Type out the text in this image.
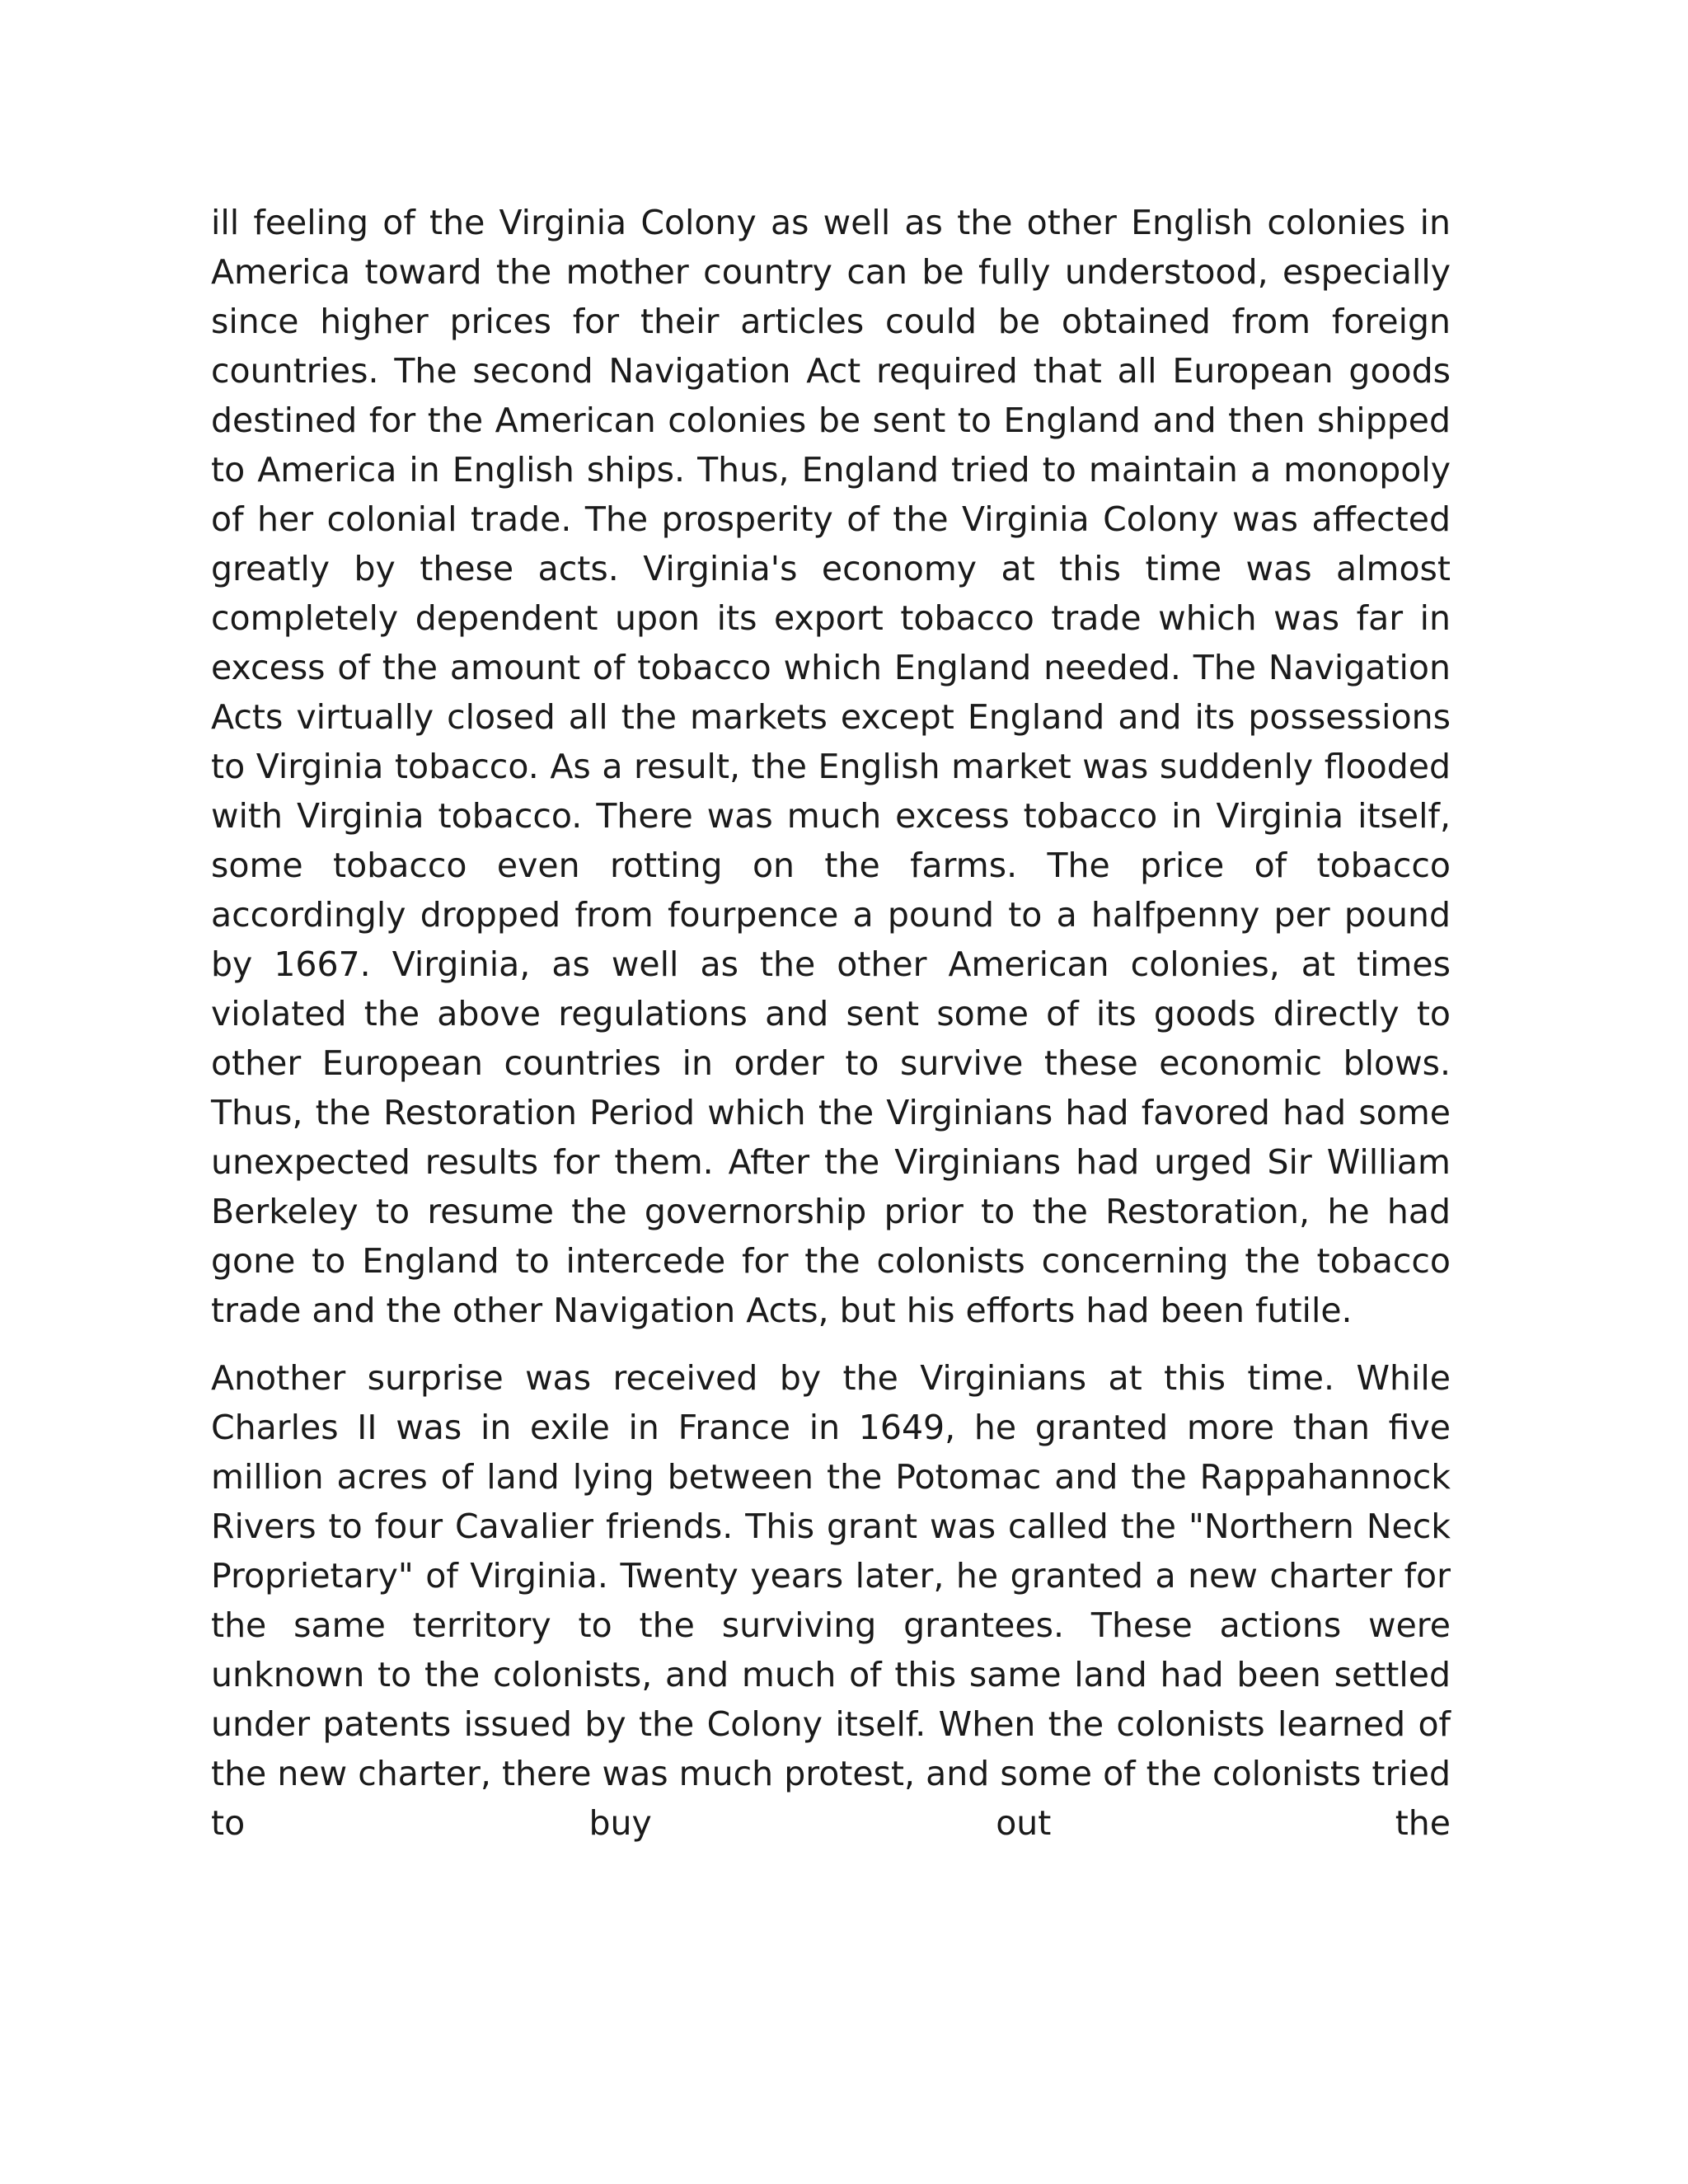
ill feeling of the Virginia Colony as well as the other English colonies in America toward the mother country can be fully understood, especially since higher prices for their articles could be obtained from foreign countries. The second Navigation Act required that all European goods destined for the American colonies be sent to England and then shipped to America in English ships. Thus, England tried to maintain a monopoly of her colonial trade. The prosperity of the Virginia Colony was affected greatly by these acts. Virginia's economy at this time was almost completely dependent upon its export tobacco trade which was far in excess of the amount of tobacco which England needed. The Navigation Acts virtually closed all the markets except England and its possessions to Virginia tobacco. As a result, the English market was suddenly flooded with Virginia tobacco. There was much excess tobacco in Virginia itself, some tobacco even rotting on the farms. The price of tobacco accordingly dropped from fourpence a pound to a halfpenny per pound by 1667. Virginia, as well as the other American colonies, at times violated the above regulations and sent some of its goods directly to other European countries in order to survive these economic blows. Thus, the Restoration Period which the Virginians had favored had some unexpected results for them. After the Virginians had urged Sir William Berkeley to resume the governorship prior to the Restoration, he had gone to England to intercede for the colonists concerning the tobacco trade and the other Navigation Acts, but his efforts had been futile.

Another surprise was received by the Virginians at this time. While Charles II was in exile in France in 1649, he granted more than five million acres of land lying between the Potomac and the Rappahannock Rivers to four Cavalier friends. This grant was called the "Northern Neck Proprietary" of Virginia. Twenty years later, he granted a new charter for the same territory to the surviving grantees. These actions were unknown to the colonists, and much of this same land had been settled under patents issued by the Colony itself. When the colonists learned of the new charter, there was much protest, and some of the colonists tried to buy out the
